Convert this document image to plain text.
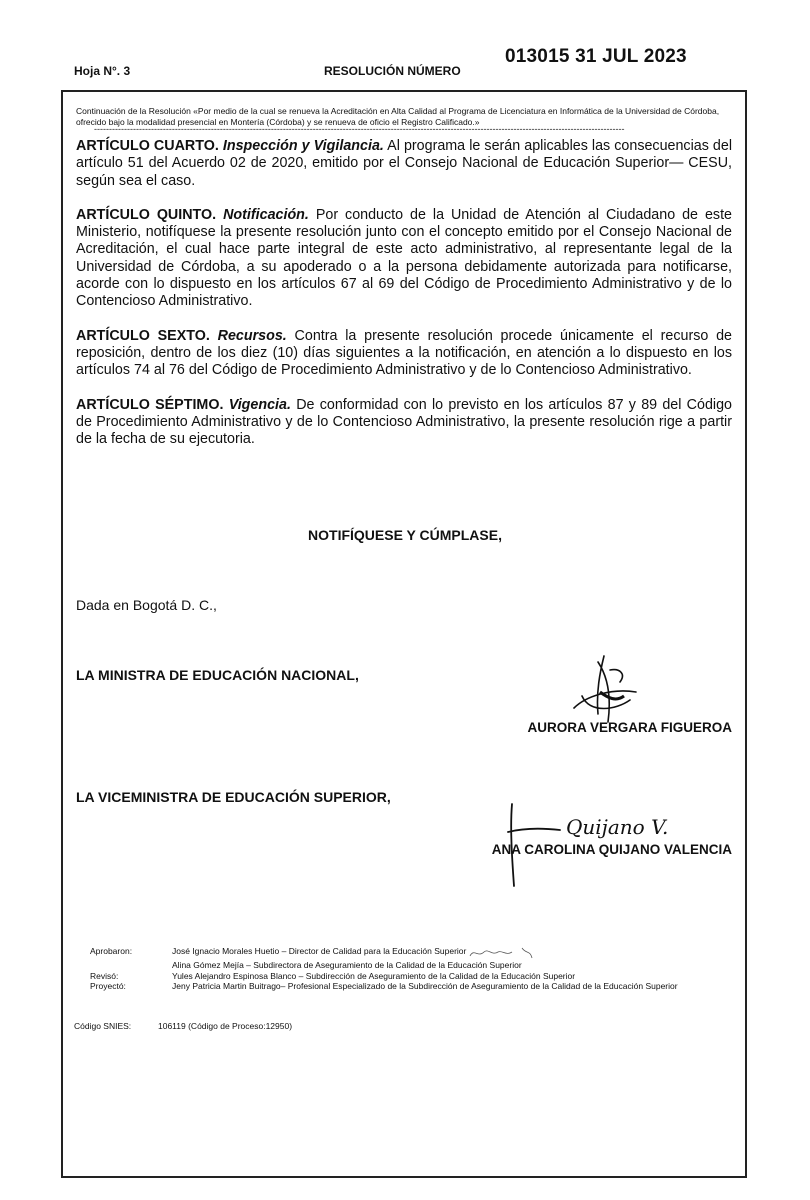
Hoja N°. 3	RESOLUCIÓN NÚMERO
013015 31 JUL 2023
Continuación de la Resolución «Por medio de la cual se renueva la Acreditación en Alta Calidad al Programa de Licenciatura en Informática de la Universidad de Córdoba, ofrecido bajo la modalidad presencial en Montería (Córdoba) y se renueva de oficio el Registro Calificado.»
---------------------------------------------------------------------------------------------------------------------------------------------------------------------------------

ARTÍCULO CUARTO. Inspección y Vigilancia. Al programa le serán aplicables las consecuencias del artículo 51 del Acuerdo 02 de 2020, emitido por el Consejo Nacional de Educación Superior— CESU, según sea el caso.

ARTÍCULO QUINTO. Notificación. Por conducto de la Unidad de Atención al Ciudadano de este Ministerio, notifíquese la presente resolución junto con el concepto emitido por el Consejo Nacional de Acreditación, el cual hace parte integral de este acto administrativo, al representante legal de la Universidad de Córdoba, a su apoderado o a la persona debidamente autorizada para notificarse, acorde con lo dispuesto en los artículos 67 al 69 del Código de Procedimiento Administrativo y de lo Contencioso Administrativo.

ARTÍCULO SEXTO. Recursos. Contra la presente resolución procede únicamente el recurso de reposición, dentro de los diez (10) días siguientes a la notificación, en atención a lo dispuesto en los artículos 74 al 76 del Código de Procedimiento Administrativo y de lo Contencioso Administrativo.

ARTÍCULO SÉPTIMO. Vigencia. De conformidad con lo previsto en los artículos 87 y 89 del Código de Procedimiento Administrativo y de lo Contencioso Administrativo, la presente resolución rige a partir de la fecha de su ejecutoria.

NOTIFÍQUESE Y CÚMPLASE,
Dada en Bogotá D. C.,
LA MINISTRA DE EDUCACIÓN NACIONAL,
AURORA VERGARA FIGUEROA
LA VICEMINISTRA DE EDUCACIÓN SUPERIOR,
Quijano V.
ANA CAROLINA QUIJANO VALENCIA
Aprobaron:	José Ignacio Morales Huetio – Director de Calidad para la Educación Superior
Alina Gómez Mejía – Subdirectora de Aseguramiento de la Calidad de la Educación Superior
Revisó:	Yules Alejandro Espinosa Blanco – Subdirección de Aseguramiento de la Calidad de la Educación Superior
Proyectó:	Jeny Patricia Martin Buitrago– Profesional Especializado de la Subdirección de Aseguramiento de la Calidad de la Educación Superior
Código SNIES:	106119 (Código de Proceso:12950)
